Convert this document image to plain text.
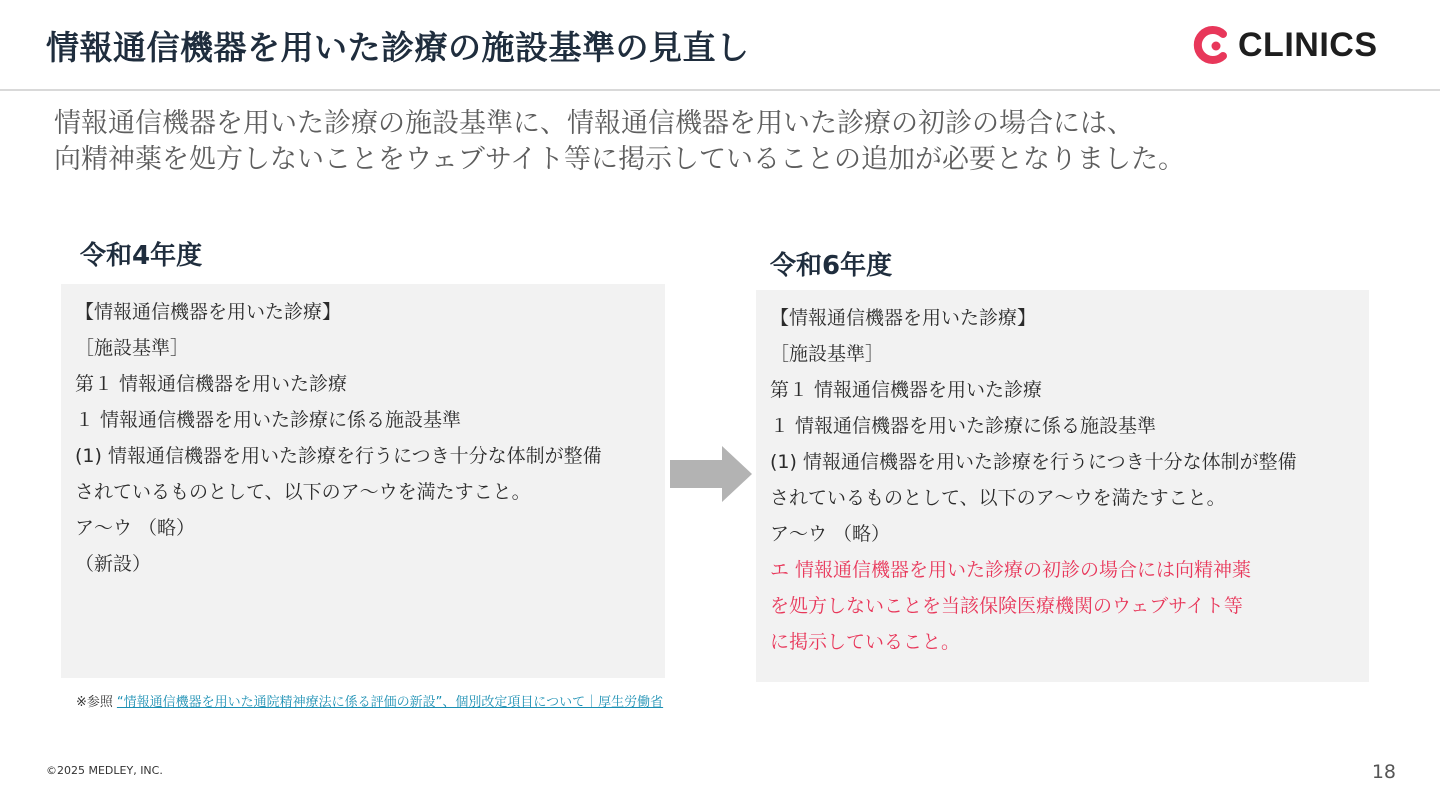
情報通信機器を用いた診療の施設基準の見直し	CLINICS
情報通信機器を用いた診療の施設基準に、情報通信機器を用いた診療の初診の場合には、
向精神薬を処方しないことをウェブサイト等に掲示していることの追加が必要となりました。
令和4年度
【情報通信機器を用いた診療】
［施設基準］
第１ 情報通信機器を用いた診療
１ 情報通信機器を用いた診療に係る施設基準
(1) 情報通信機器を用いた診療を行うにつき十分な体制が整備
されているものとして、以下のア～ウを満たすこと。
ア～ウ （略）
（新設）
令和6年度
【情報通信機器を用いた診療】
［施設基準］
第１ 情報通信機器を用いた診療
１ 情報通信機器を用いた診療に係る施設基準
(1) 情報通信機器を用いた診療を行うにつき十分な体制が整備
されているものとして、以下のア～ウを満たすこと。
ア～ウ （略）
エ 情報通信機器を用いた診療の初診の場合には向精神薬
を処方しないことを当該保険医療機関のウェブサイト等
に掲示していること。
※参照 “情報通信機器を用いた通院精神療法に係る評価の新設”、個別改定項目について｜厚生労働省
©2025 MEDLEY, INC.	18
